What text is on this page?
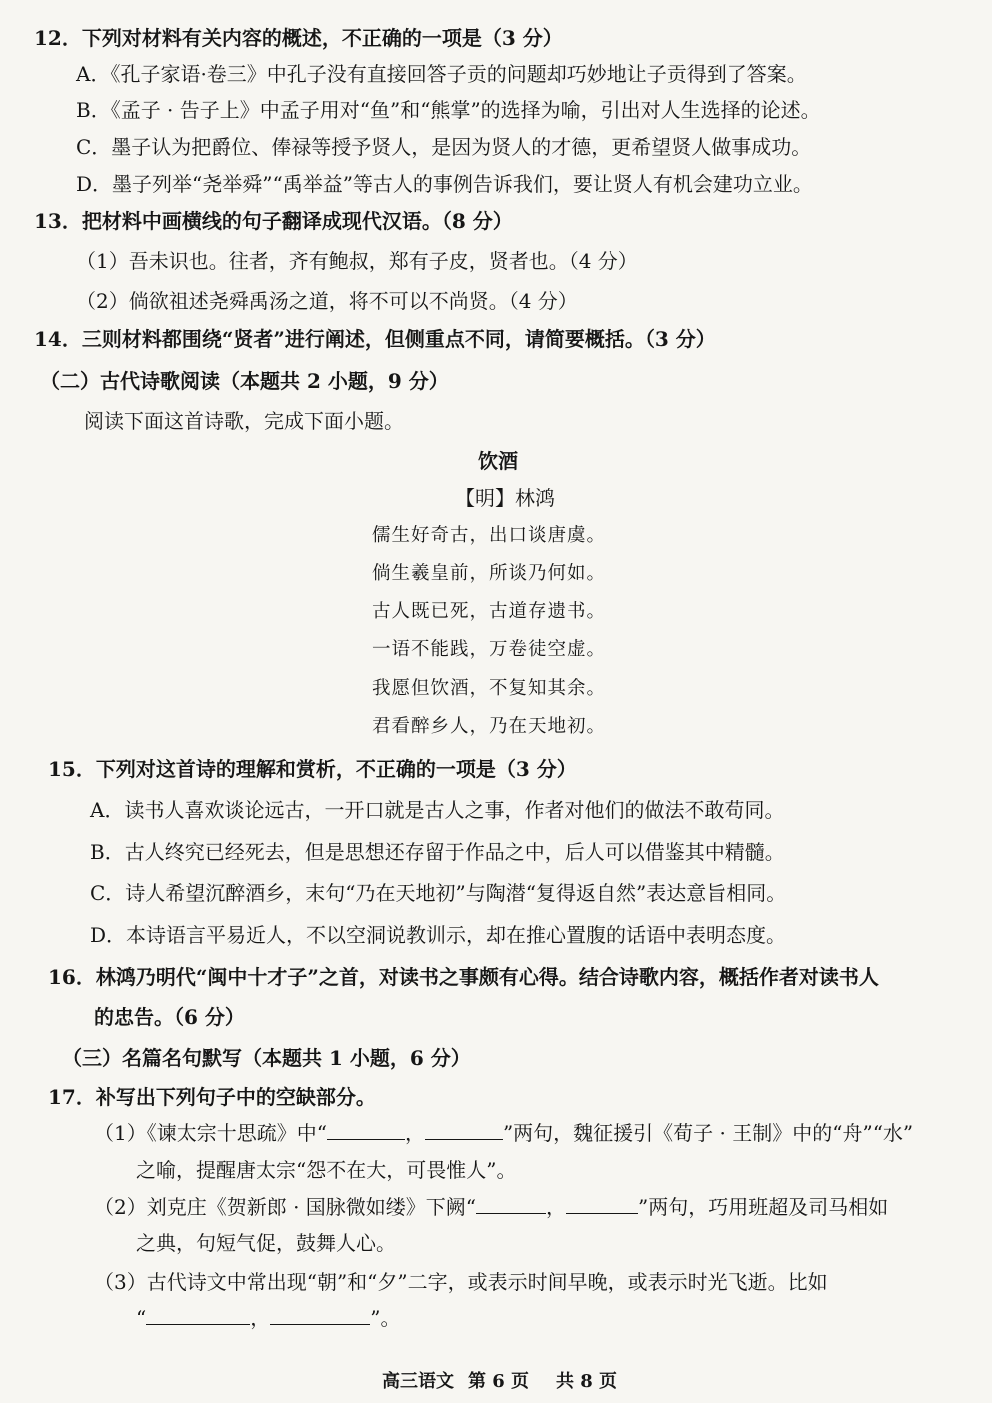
12．下列对材料有关内容的概述，不正确的一项是（3 分）
A．《孔子家语·卷三》中孔子没有直接回答子贡的问题却巧妙地让子贡得到了答案。
B．《孟子 · 告子上》中孟子用对“鱼”和“熊掌”的选择为喻，引出对人生选择的论述。
C．墨子认为把爵位、俸禄等授予贤人，是因为贤人的才德，更希望贤人做事成功。
D．墨子列举“尧举舜”“禹举益”等古人的事例告诉我们，要让贤人有机会建功立业。
13．把材料中画横线的句子翻译成现代汉语。（8 分）
（1）吾未识也。往者，齐有鲍叔，郑有子皮，贤者也。（4 分）
（2）倘欲祖述尧舜禹汤之道，将不可以不尚贤。（4 分）
14．三则材料都围绕“贤者”进行阐述，但侧重点不同，请简要概括。（3 分）
（二）古代诗歌阅读（本题共 2 小题，9 分）
阅读下面这首诗歌，完成下面小题。
饮酒
【明】林鸿
儒生好奇古，出口谈唐虞。
倘生羲皇前，所谈乃何如。
古人既已死，古道存遗书。
一语不能践，万卷徒空虚。
我愿但饮酒，不复知其余。
君看醉乡人，乃在天地初。
15．下列对这首诗的理解和赏析，不正确的一项是（3 分）
A．读书人喜欢谈论远古，一开口就是古人之事，作者对他们的做法不敢苟同。
B．古人终究已经死去，但是思想还存留于作品之中，后人可以借鉴其中精髓。
C．诗人希望沉醉酒乡，末句“乃在天地初”与陶潜“复得返自然”表达意旨相同。
D．本诗语言平易近人，不以空洞说教训示，却在推心置腹的话语中表明态度。
16．林鸿乃明代“闽中十才子”之首，对读书之事颇有心得。结合诗歌内容，概括作者对读书人
的忠告。（6 分）
（三）名篇名句默写（本题共 1 小题，6 分）
17．补写出下列句子中的空缺部分。
（1）《谏太宗十思疏》中“	，	”两句，魏征援引《荀子 · 王制》中的“舟”“水”
之喻，提醒唐太宗“怨不在大，可畏惟人”。
（2）刘克庄《贺新郎 · 国脉微如缕》下阙“	，	”两句，巧用班超及司马相如
之典，句短气促，鼓舞人心。
（3）古代诗文中常出现“朝”和“夕”二字，或表示时间早晚，或表示时光飞逝。比如
“	，	”。
高三语文 第 6 页 共 8 页
